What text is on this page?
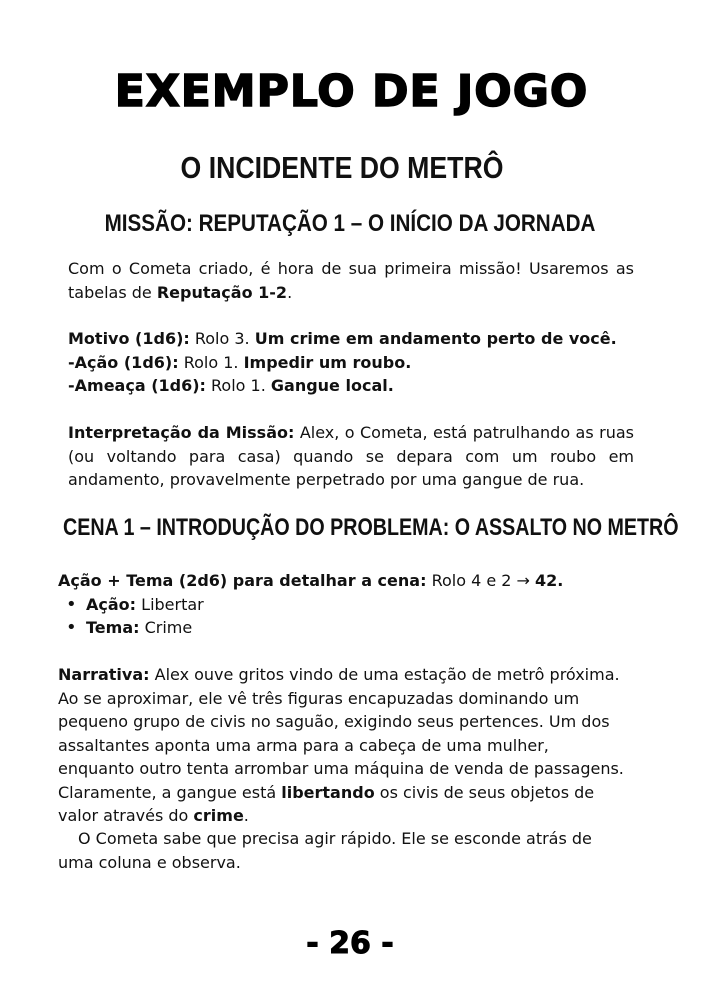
EXEMPLO DE JOGO
O INCIDENTE DO METRÔ
MISSÃO: REPUTAÇÃO 1 – O INÍCIO DA JORNADA

Com o Cometa criado, é hora de sua primeira missão! Usaremos as tabelas de Reputação 1-2.

Motivo (1d6): Rolo 3. Um crime em andamento perto de você.

-Ação (1d6): Rolo 1. Impedir um roubo.

-Ameaça (1d6): Rolo 1. Gangue local.

Interpretação da Missão: Alex, o Cometa, está patrulhando as ruas (ou voltando para casa) quando se depara com um roubo em andamento, provavelmente perpetrado por uma gangue de rua.

CENA 1 – INTRODUÇÃO DO PROBLEMA: O ASSALTO NO METRÔ

Ação + Tema (2d6) para detalhar a cena: Rolo 4 e 2 → 42.

• Ação: Libertar
• Tema: Crime

Narrativa: Alex ouve gritos vindo de uma estação de metrô próxima. Ao se aproximar, ele vê três figuras encapuzadas dominando um pequeno grupo de civis no saguão, exigindo seus pertences. Um dos assaltantes aponta uma arma para a cabeça de uma mulher, enquanto outro tenta arrombar uma máquina de venda de passagens. Claramente, a gangue está libertando os civis de seus objetos de valor através do crime.

O Cometa sabe que precisa agir rápido. Ele se esconde atrás de uma coluna e observa.

- 26 -
